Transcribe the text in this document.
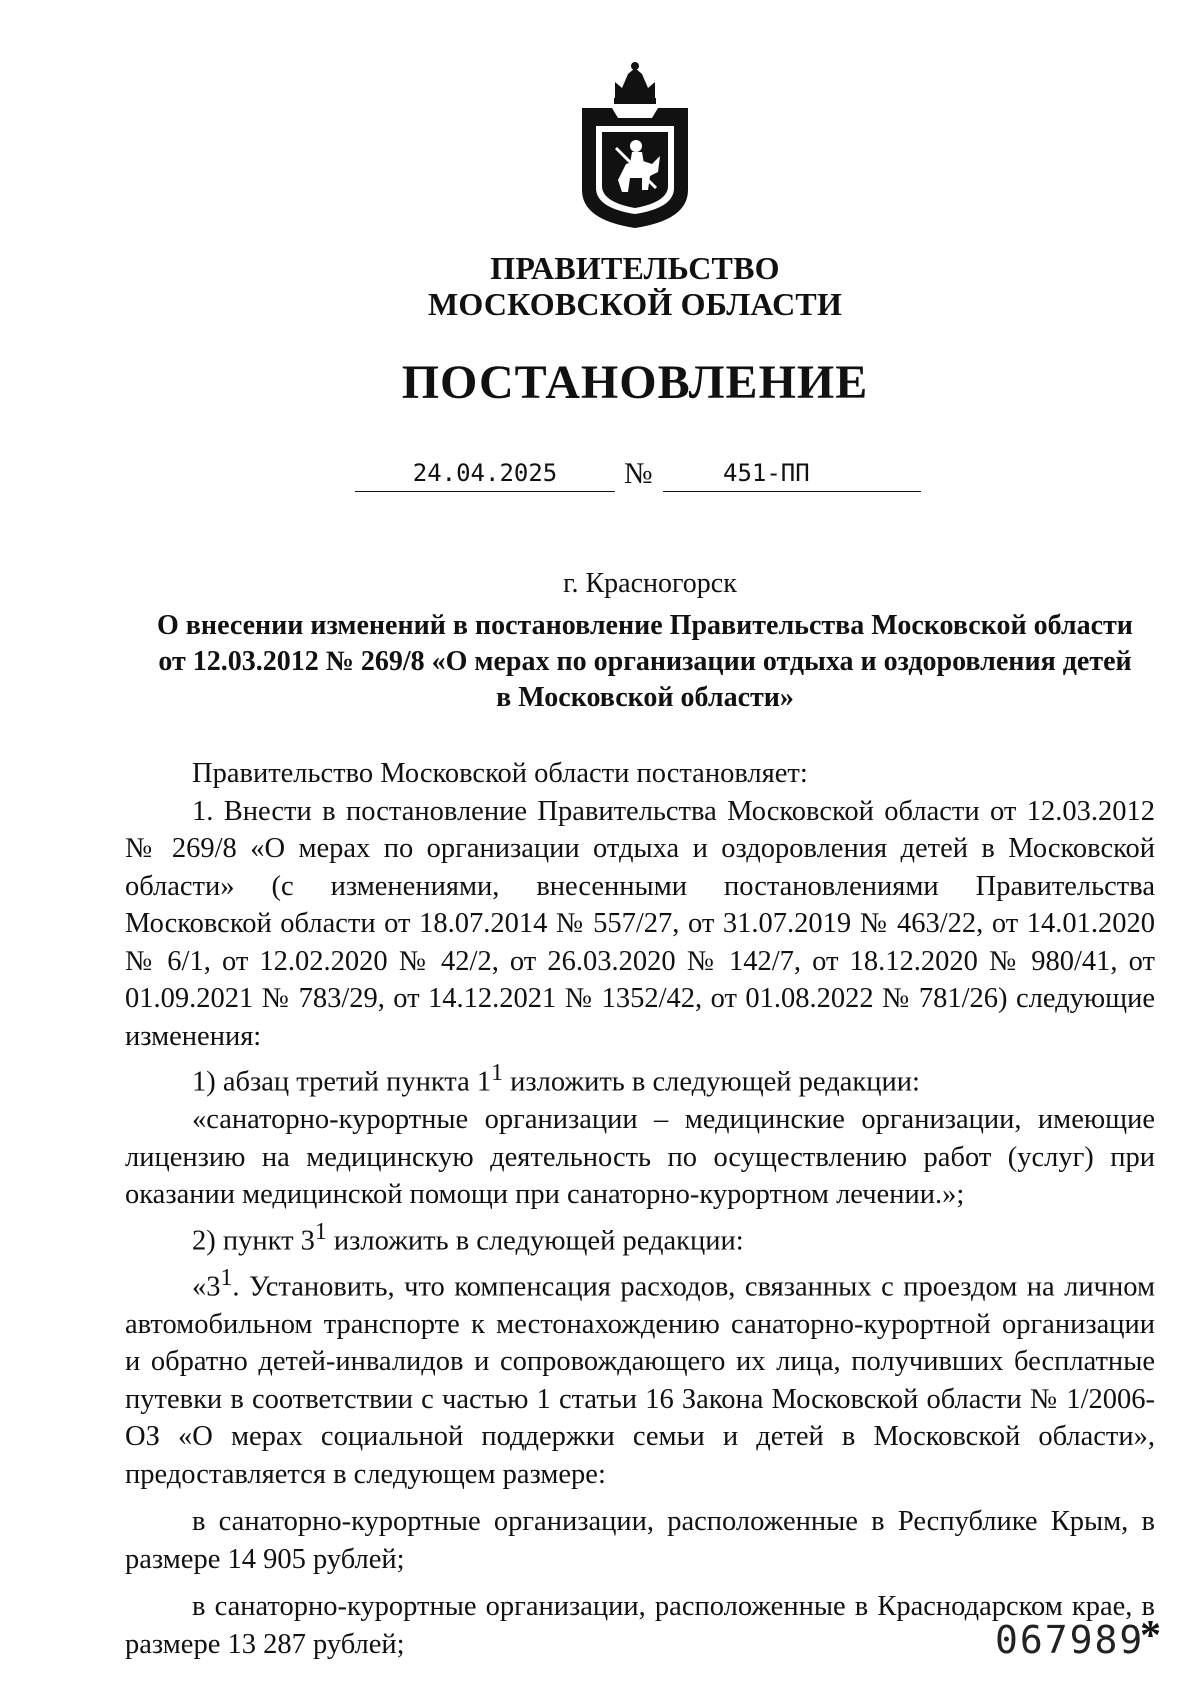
ПРАВИТЕЛЬСТВО
МОСКОВСКОЙ ОБЛАСТИ
ПОСТАНОВЛЕНИЕ
24.04.2025	№	451-ПП
г. Красногорск
О внесении изменений в постановление Правительства Московской области
от 12.03.2012 № 269/8 «О мерах по организации отдыха и оздоровления детей
в Московской области»

Правительство Московской области постановляет:

1. Внести в постановление Правительства Московской области от 12.03.2012 № 269/8 «О мерах по организации отдыха и оздоровления детей в Московской области» (с изменениями, внесенными постановлениями Правительства Московской области от 18.07.2014 № 557/27, от 31.07.2019 № 463/22, от 14.01.2020 № 6/1, от 12.02.2020 № 42/2, от 26.03.2020 № 142/7, от 18.12.2020 № 980/41, от 01.09.2021 № 783/29, от 14.12.2021 № 1352/42, от 01.08.2022 № 781/26) следующие изменения:

1) абзац третий пункта $1^1$ изложить в следующей редакции:

«санаторно-курортные организации – медицинские организации, имеющие лицензию на медицинскую деятельность по осуществлению работ (услуг) при оказании медицинской помощи при санаторно-курортном лечении.»;

2) пункт $3^1$ изложить в следующей редакции:

«$3^1$. Установить, что компенсация расходов, связанных с проездом на личном автомобильном транспорте к местонахождению санаторно-курортной организации и обратно детей-инвалидов и сопровождающего их лица, получивших бесплатные путевки в соответствии с частью 1 статьи 16 Закона Московской области № 1/2006-ОЗ «О мерах социальной поддержки семьи и детей в Московской области», предоставляется в следующем размере:

в санаторно-курортные организации, расположенные в Республике Крым, в размере 14 905 рублей;

в санаторно-курортные организации, расположенные в Краснодарском крае, в размере 13 287 рублей;	067989
*
